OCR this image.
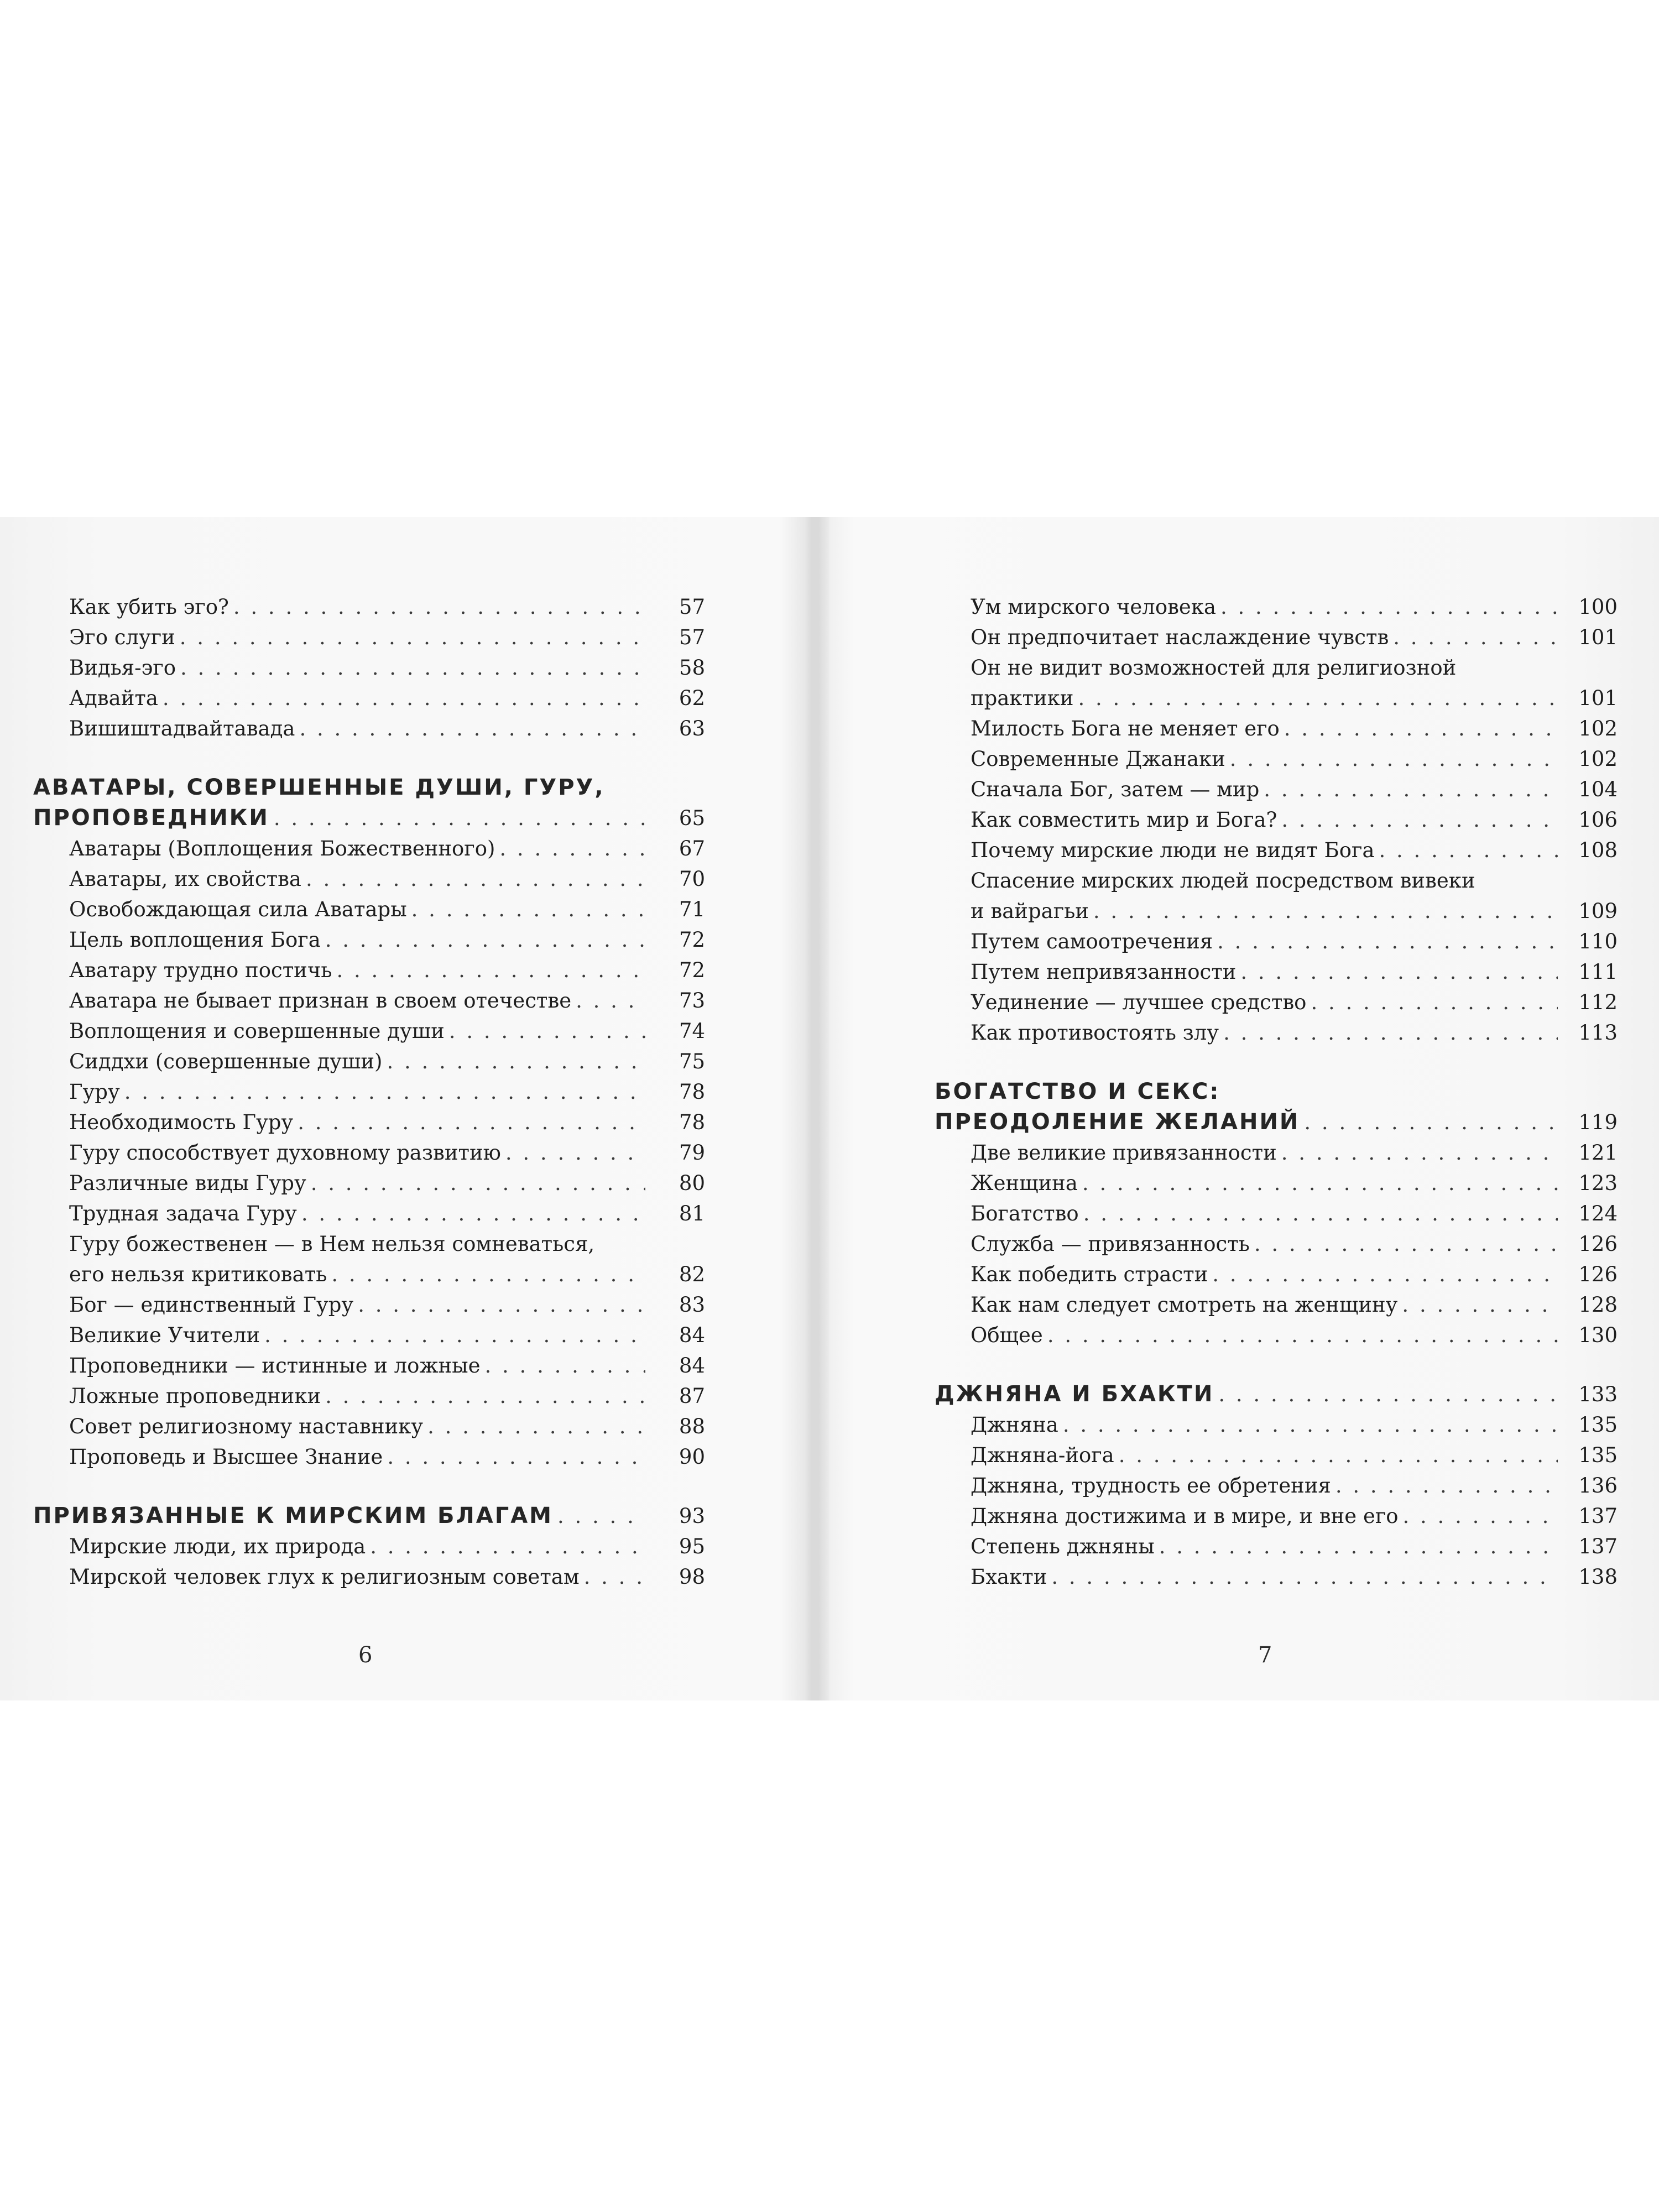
Как убить эго? . . .	57
Эго слуги . . .	57
Видья-эго . . .	58
Адвайта . . .	62
Вишиштадвайтавада . . .	63
АВАТАРЫ, СОВЕРШЕННЫЕ ДУШИ, ГУРУ,
ПРОПОВЕДНИКИ . . .	65
Аватары (Воплощения Божественного) . . .	67
Аватары, их свойства . . .	70
Освобождающая сила Аватары . . .	71
Цель воплощения Бога . . .	72
Аватару трудно постичь . . .	72
Аватара не бывает признан в своем отечестве . . .	73
Воплощения и совершенные души . . .	74
Сиддхи (совершенные души) . . .	75
Гуру . . .	78
Необходимость Гуру . . .	78
Гуру способствует духовному развитию . . .	79
Различные виды Гуру . . .	80
Трудная задача Гуру . . .	81
Гуру божественен — в Нем нельзя сомневаться,
его нельзя критиковать . . .	82
Бог — единственный Гуру . . .	83
Великие Учители . . .	84
Проповедники — истинные и ложные . . .	84
Ложные проповедники . . .	87
Совет религиозному наставнику . . .	88
Проповедь и Высшее Знание . . .	90
ПРИВЯЗАННЫЕ К МИРСКИМ БЛАГАМ . . .	93
Мирские люди, их природа . . .	95
Мирской человек глух к религиозным советам . . .	98
Ум мирского человека . . .	100
Он предпочитает наслаждение чувств . . .	101
Он не видит возможностей для религиозной
практики . . .	101
Милость Бога не меняет его . . .	102
Современные Джанаки . . .	102
Сначала Бог, затем — мир . . .	104
Как совместить мир и Бога? . . .	106
Почему мирские люди не видят Бога . . .	108
Спасение мирских людей посредством вивеки
и вайрагьи . . .	109
Путем самоотречения . . .	110
Путем непривязанности . . .	111
Уединение — лучшее средство . . .	112
Как противостоять злу . . .	113
БОГАТСТВО И СЕКС:
ПРЕОДОЛЕНИЕ ЖЕЛАНИЙ . . .	119
Две великие привязанности . . .	121
Женщина . . .	123
Богатство . . .	124
Служба — привязанность . . .	126
Как победить страсти . . .	126
Как нам следует смотреть на женщину . . .	128
Общее . . .	130
ДЖНЯНА И БХАКТИ . . .	133
Джняна . . .	135
Джняна-йога . . .	135
Джняна, трудность ее обретения . . .	136
Джняна достижима и в мире, и вне его . . .	137
Степень джняны . . .	137
Бхакти . . .	138
6	7
